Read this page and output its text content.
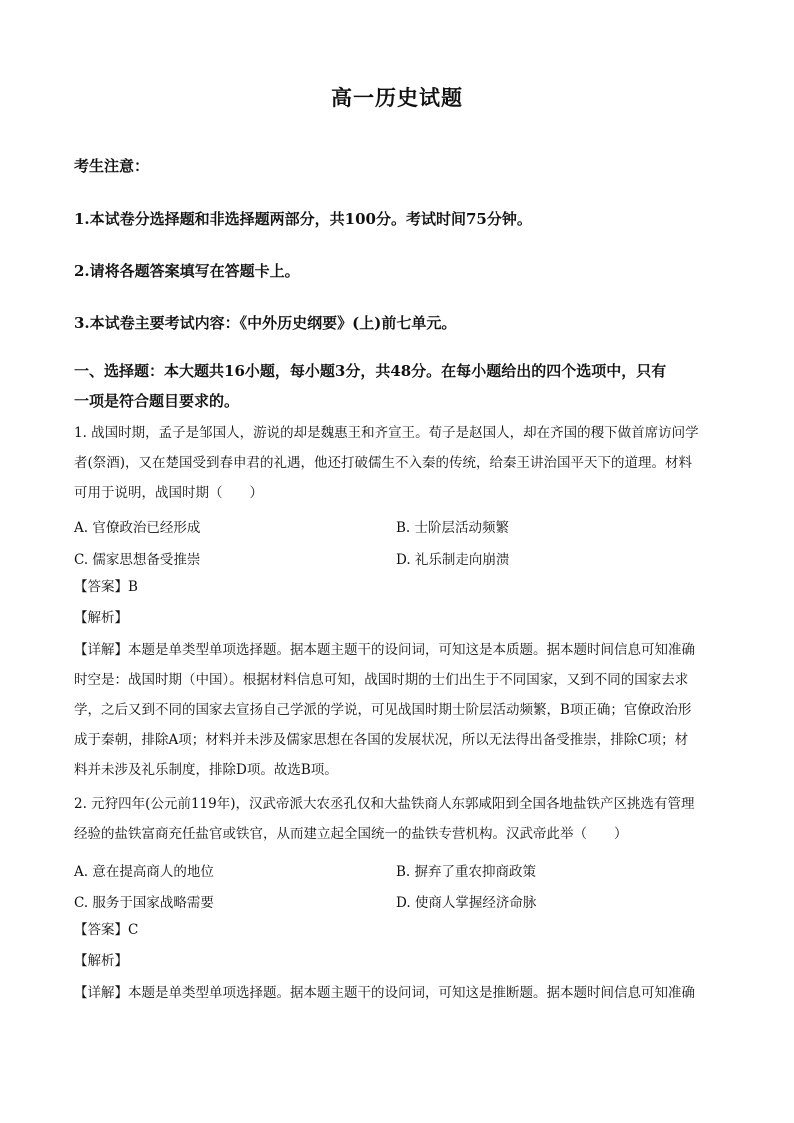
高一历史试题
考生注意：
1.本试卷分选择题和非选择题两部分，共100分。考试时间75分钟。
2.请将各题答案填写在答题卡上。
3.本试卷主要考试内容：《中外历史纲要》(上)前七单元。
一、选择题：本大题共16小题，每小题3分，共48分。在每小题给出的四个选项中，只有
一项是符合题目要求的。
1. 战国时期，孟子是邹国人，游说的却是魏惠王和齐宣王。荀子是赵国人，却在齐国的稷下做首席访问学
者(祭酒)，又在楚国受到春申君的礼遇，他还打破儒生不入秦的传统，给秦王讲治国平天下的道理。材料
可用于说明，战国时期（　　）
A. 官僚政治已经形成	B. 士阶层活动频繁
C. 儒家思想备受推崇	D. 礼乐制走向崩溃
【答案】B
【解析】
【详解】本题是单类型单项选择题。据本题主题干的设问词，可知这是本质题。据本题时间信息可知准确
时空是：战国时期（中国）。根据材料信息可知，战国时期的士们出生于不同国家，又到不同的国家去求
学，之后又到不同的国家去宣扬自己学派的学说，可见战国时期士阶层活动频繁，B项正确；官僚政治形
成于秦朝，排除A项；材料并未涉及儒家思想在各国的发展状况，所以无法得出备受推崇，排除C项；材
料并未涉及礼乐制度，排除D项。故选B项。
2. 元狩四年(公元前119年)，汉武帝派大农丞孔仅和大盐铁商人东郭咸阳到全国各地盐铁产区挑选有管理
经验的盐铁富商充任盐官或铁官，从而建立起全国统一的盐铁专营机构。汉武帝此举（　　）
A. 意在提高商人的地位	B. 摒弃了重农抑商政策
C. 服务于国家战略需要	D. 使商人掌握经济命脉
【答案】C
【解析】
【详解】本题是单类型单项选择题。据本题主题干的设问词，可知这是推断题。据本题时间信息可知准确
